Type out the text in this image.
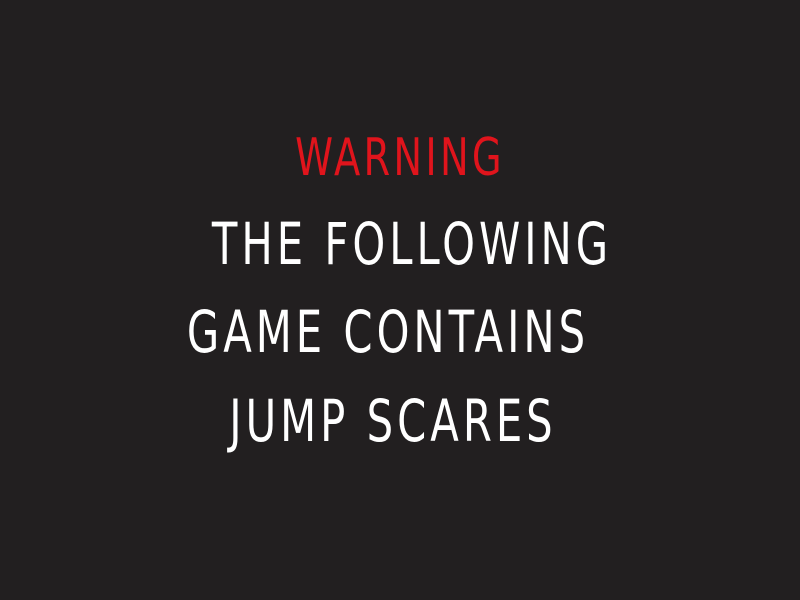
WARNING
THE FOLLOWING
GAME CONTAINS
JUMP SCARES
